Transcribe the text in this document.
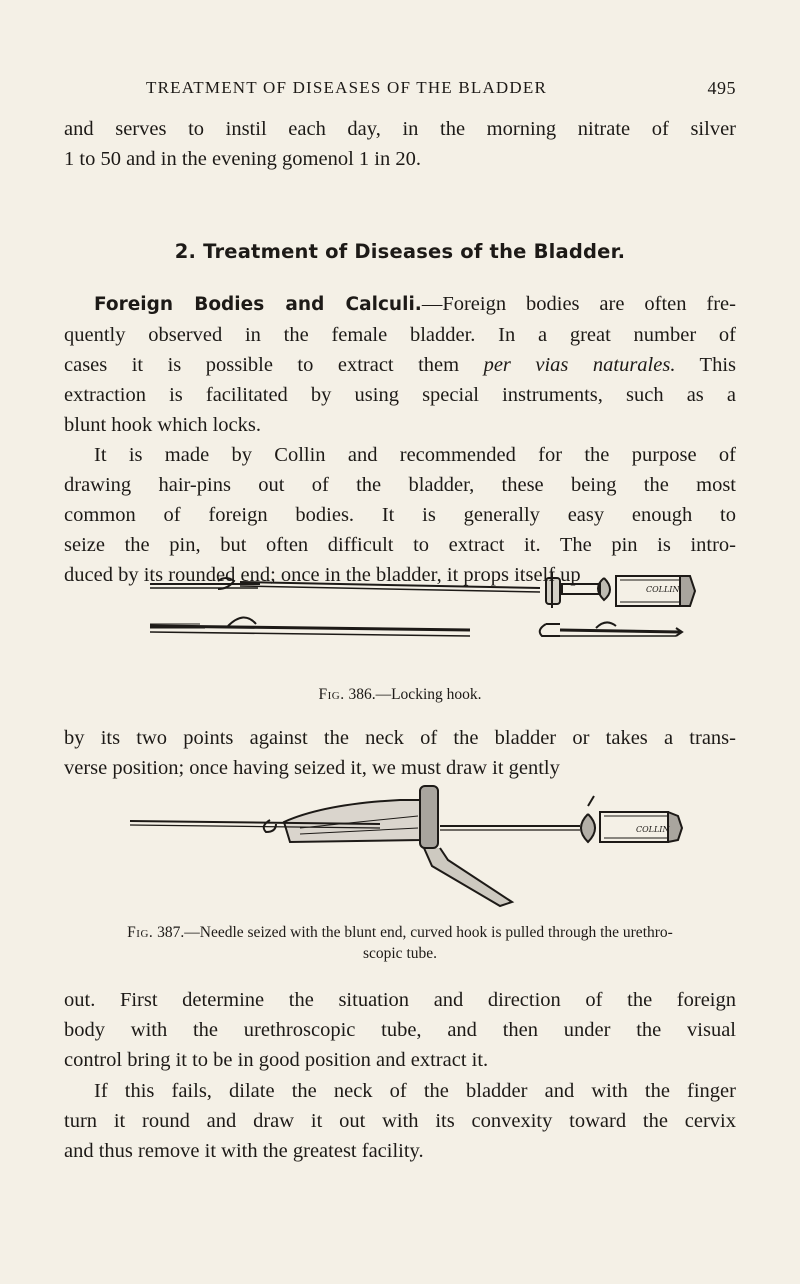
TREATMENT OF DISEASES OF THE BLADDER	495
and serves to instil each day, in the morning nitrate of silver
1 to 50 and in the evening gomenol 1 in 20.
2. Treatment of Diseases of the Bladder.
Foreign Bodies and Calculi.—Foreign bodies are often fre-
quently observed in the female bladder. In a great number of
cases it is possible to extract them per vias naturales. This
extraction is facilitated by using special instruments, such as a
blunt hook which locks.
It is made by Collin and recommended for the purpose of
drawing hair-pins out of the bladder, these being the most
common of foreign bodies. It is generally easy enough to
seize the pin, but often difficult to extract it. The pin is intro-
duced by its rounded end; once in the bladder, it props itself up
COLLIN
Fig. 386.—Locking hook.
by its two points against the neck of the bladder or takes a trans-
verse position; once having seized it, we must draw it gently
COLLIN
Fig. 387.—Needle seized with the blunt end, curved hook is pulled through the urethro-
scopic tube.
out. First determine the situation and direction of the foreign
body with the urethroscopic tube, and then under the visual
control bring it to be in good position and extract it.
If this fails, dilate the neck of the bladder and with the finger
turn it round and draw it out with its convexity toward the cervix
and thus remove it with the greatest facility.
